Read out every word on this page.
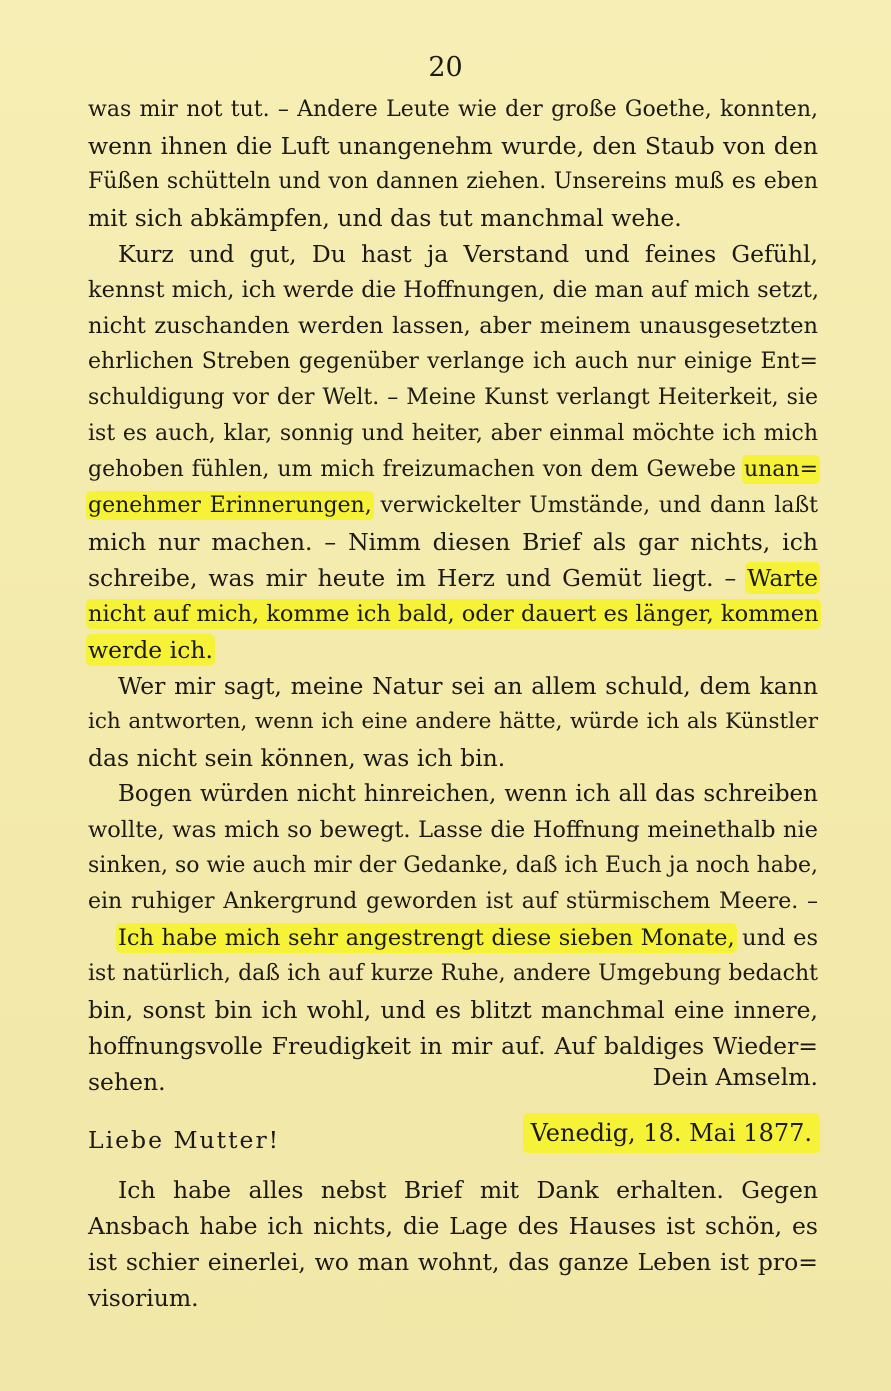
20
was mir not tut. – Andere Leute wie der große Goethe, konnten,
wenn ihnen die Luft unangenehm wurde, den Staub von den
Füßen schütteln und von dannen ziehen. Unsereins muß es eben
mit sich abkämpfen, und das tut manchmal wehe.
Kurz und gut, Du hast ja Verstand und feines Gefühl,
kennst mich, ich werde die Hoffnungen, die man auf mich setzt,
nicht zuschanden werden lassen, aber meinem unausgesetzten
ehrlichen Streben gegenüber verlange ich auch nur einige Ent=
schuldigung vor der Welt. – Meine Kunst verlangt Heiterkeit, sie
ist es auch, klar, sonnig und heiter, aber einmal möchte ich mich
gehoben fühlen, um mich freizumachen von dem Gewebe unan=
genehmer Erinnerungen, verwickelter Umstände, und dann laßt
mich nur machen. – Nimm diesen Brief als gar nichts, ich
schreibe, was mir heute im Herz und Gemüt liegt. – Warte
nicht auf mich, komme ich bald, oder dauert es länger, kommen
werde ich.
Wer mir sagt, meine Natur sei an allem schuld, dem kann
ich antworten, wenn ich eine andere hätte, würde ich als Künstler
das nicht sein können, was ich bin.
Bogen würden nicht hinreichen, wenn ich all das schreiben
wollte, was mich so bewegt. Lasse die Hoffnung meinethalb nie
sinken, so wie auch mir der Gedanke, daß ich Euch ja noch habe,
ein ruhiger Ankergrund geworden ist auf stürmischem Meere. –
Ich habe mich sehr angestrengt diese sieben Monate, und es
ist natürlich, daß ich auf kurze Ruhe, andere Umgebung bedacht
bin, sonst bin ich wohl, und es blitzt manchmal eine innere,
hoffnungsvolle Freudigkeit in mir auf. Auf baldiges Wieder=
sehen.	Dein Amselm.
Liebe Mutter!	Venedig, 18. Mai 1877.
Ich habe alles nebst Brief mit Dank erhalten. Gegen
Ansbach habe ich nichts, die Lage des Hauses ist schön, es
ist schier einerlei, wo man wohnt, das ganze Leben ist pro=
visorium.
